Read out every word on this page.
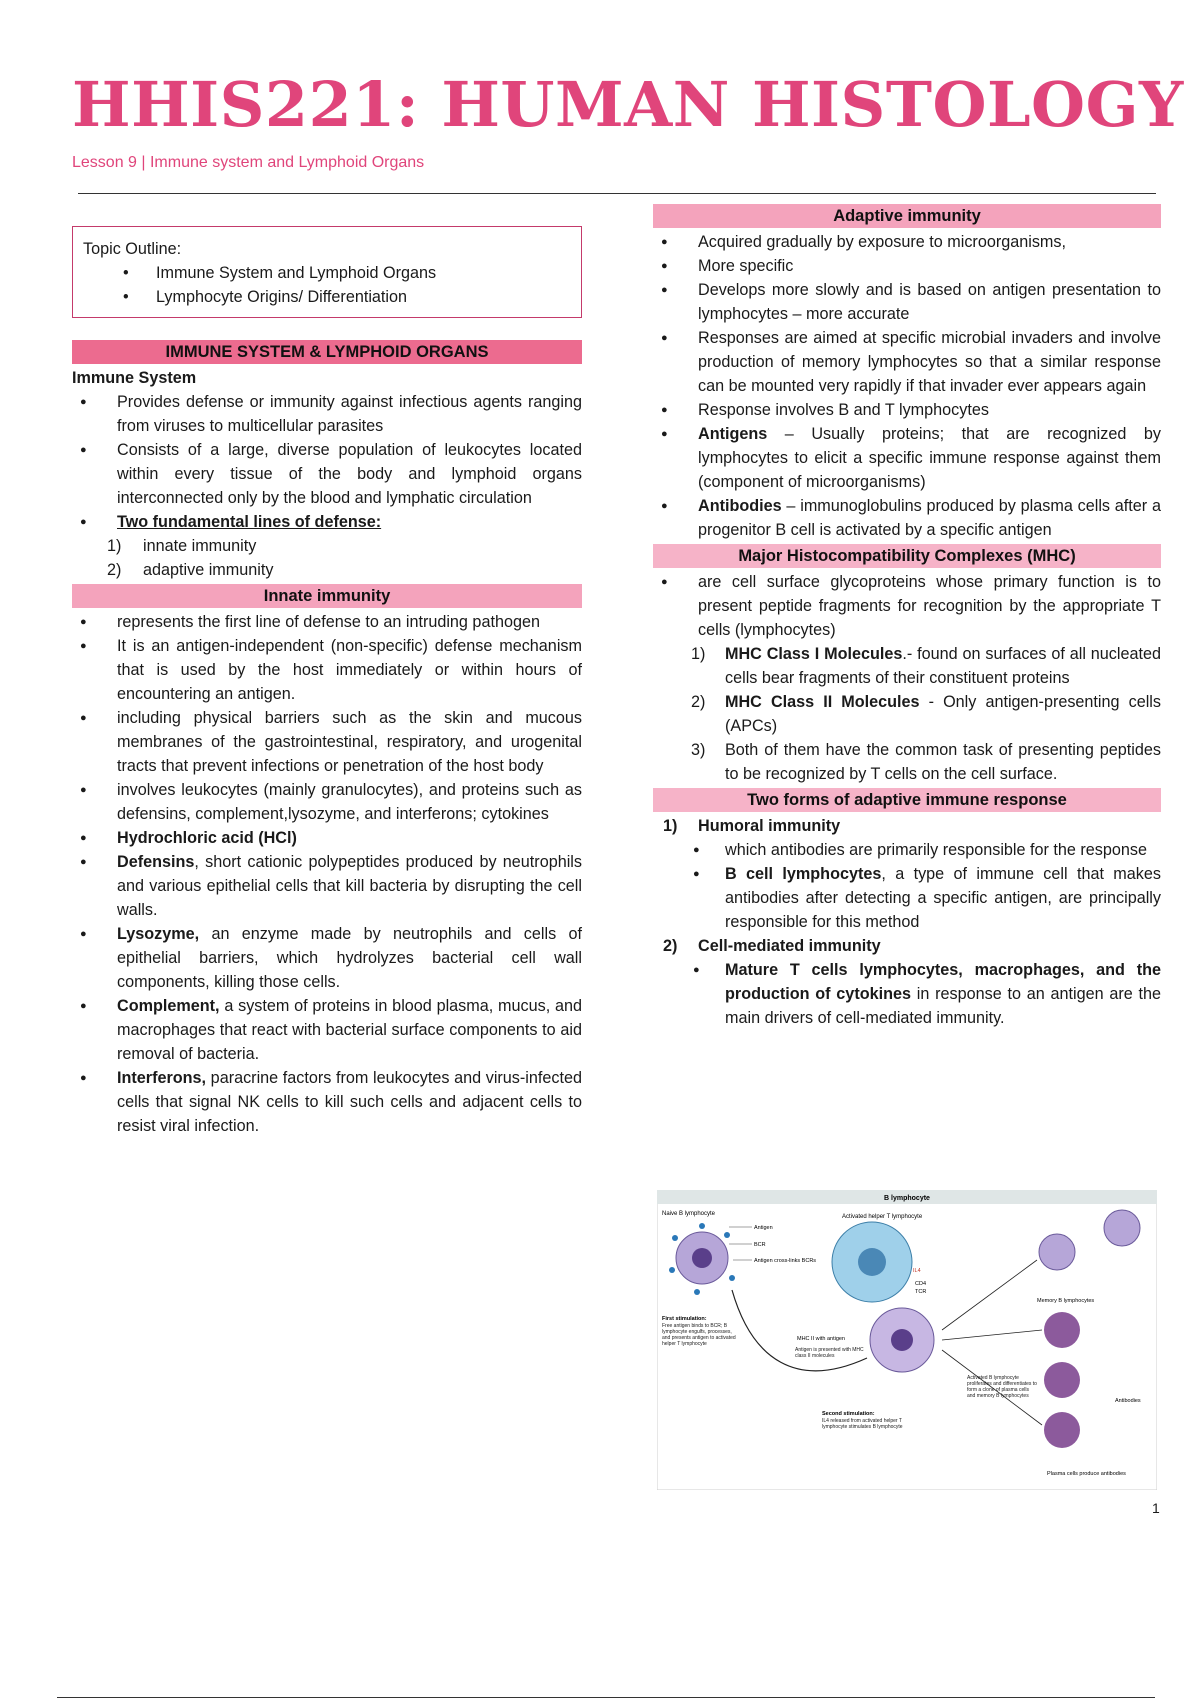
HHIS221: HUMAN HISTOLOGY
Lesson 9 | Immune system and Lymphoid Organs
Topic Outline:
• Immune System and Lymphoid Organs
• Lymphocyte Origins/ Differentiation
IMMUNE SYSTEM & LYMPHOID ORGANS
Immune System
● Provides defense or immunity against infectious agents ranging from viruses to multicellular parasites
● Consists of a large, diverse population of leukocytes located within every tissue of the body and lymphoid organs interconnected only by the blood and lymphatic circulation
● Two fundamental lines of defense:
1) innate immunity
2) adaptive immunity
Innate immunity
● represents the first line of defense to an intruding pathogen
● It is an antigen-independent (non-specific) defense mechanism that is used by the host immediately or within hours of encountering an antigen.
● including physical barriers such as the skin and mucous membranes of the gastrointestinal, respiratory, and urogenital tracts that prevent infections or penetration of the host body
● involves leukocytes (mainly granulocytes), and proteins such as defensins, complement,lysozyme, and interferons; cytokines
● Hydrochloric acid (HCl)
● Defensins, short cationic polypeptides produced by neutrophils and various epithelial cells that kill bacteria by disrupting the cell walls.
● Lysozyme, an enzyme made by neutrophils and cells of epithelial barriers, which hydrolyzes bacterial cell wall components, killing those cells.
● Complement, a system of proteins in blood plasma, mucus, and macrophages that react with bacterial surface components to aid removal of bacteria.
● Interferons, paracrine factors from leukocytes and virus-infected cells that signal NK cells to kill such cells and adjacent cells to resist viral infection.
Adaptive immunity
● Acquired gradually by exposure to microorganisms,
● More specific
● Develops more slowly and is based on antigen presentation to lymphocytes – more accurate
● Responses are aimed at specific microbial invaders and involve production of memory lymphocytes so that a similar response can be mounted very rapidly if that invader ever appears again
● Response involves B and T lymphocytes
● Antigens – Usually proteins; that are recognized by lymphocytes to elicit a specific immune response against them (component of microorganisms)
● Antibodies – immunoglobulins produced by plasma cells after a progenitor B cell is activated by a specific antigen
Major Histocompatibility Complexes (MHC)
● are cell surface glycoproteins whose primary function is to present peptide fragments for recognition by the appropriate T cells (lymphocytes)
1) MHC Class I Molecules.- found on surfaces of all nucleated cells bear fragments of their constituent proteins
2) MHC Class II Molecules - Only antigen-presenting cells (APCs)
3) Both of them have the common task of presenting peptides to be recognized by T cells on the cell surface.
Two forms of adaptive immune response
1) Humoral immunity
● which antibodies are primarily responsible for the response
● B cell lymphocytes, a type of immune cell that makes antibodies after detecting a specific antigen, are principally responsible for this method
2) Cell-mediated immunity
● Mature T cells lymphocytes, macrophages, and the production of cytokines in response to an antigen are the main drivers of cell-mediated immunity.
B lymphocyte
Naive B lymphocyte
Antigen
BCR
Antigen cross-links BCRs
Activated helper T lymphocyte
CD4
TCR
IL4
First stimulation:
Free antigen binds to BCR; B lymphocyte engulfs, processes, and presents antigen to activated helper T lymphocyte
MHC II with antigen
Antigen is presented with MHC class II molecules
Second stimulation:
IL4 released from activated helper T lymphocyte stimulates B lymphocyte
Activated B lymphocyte proliferates and differentiates to form a clone of plasma cells and memory B lymphocytes
Memory B lymphocytes
Antibodies
Plasma cells produce antibodies
1
